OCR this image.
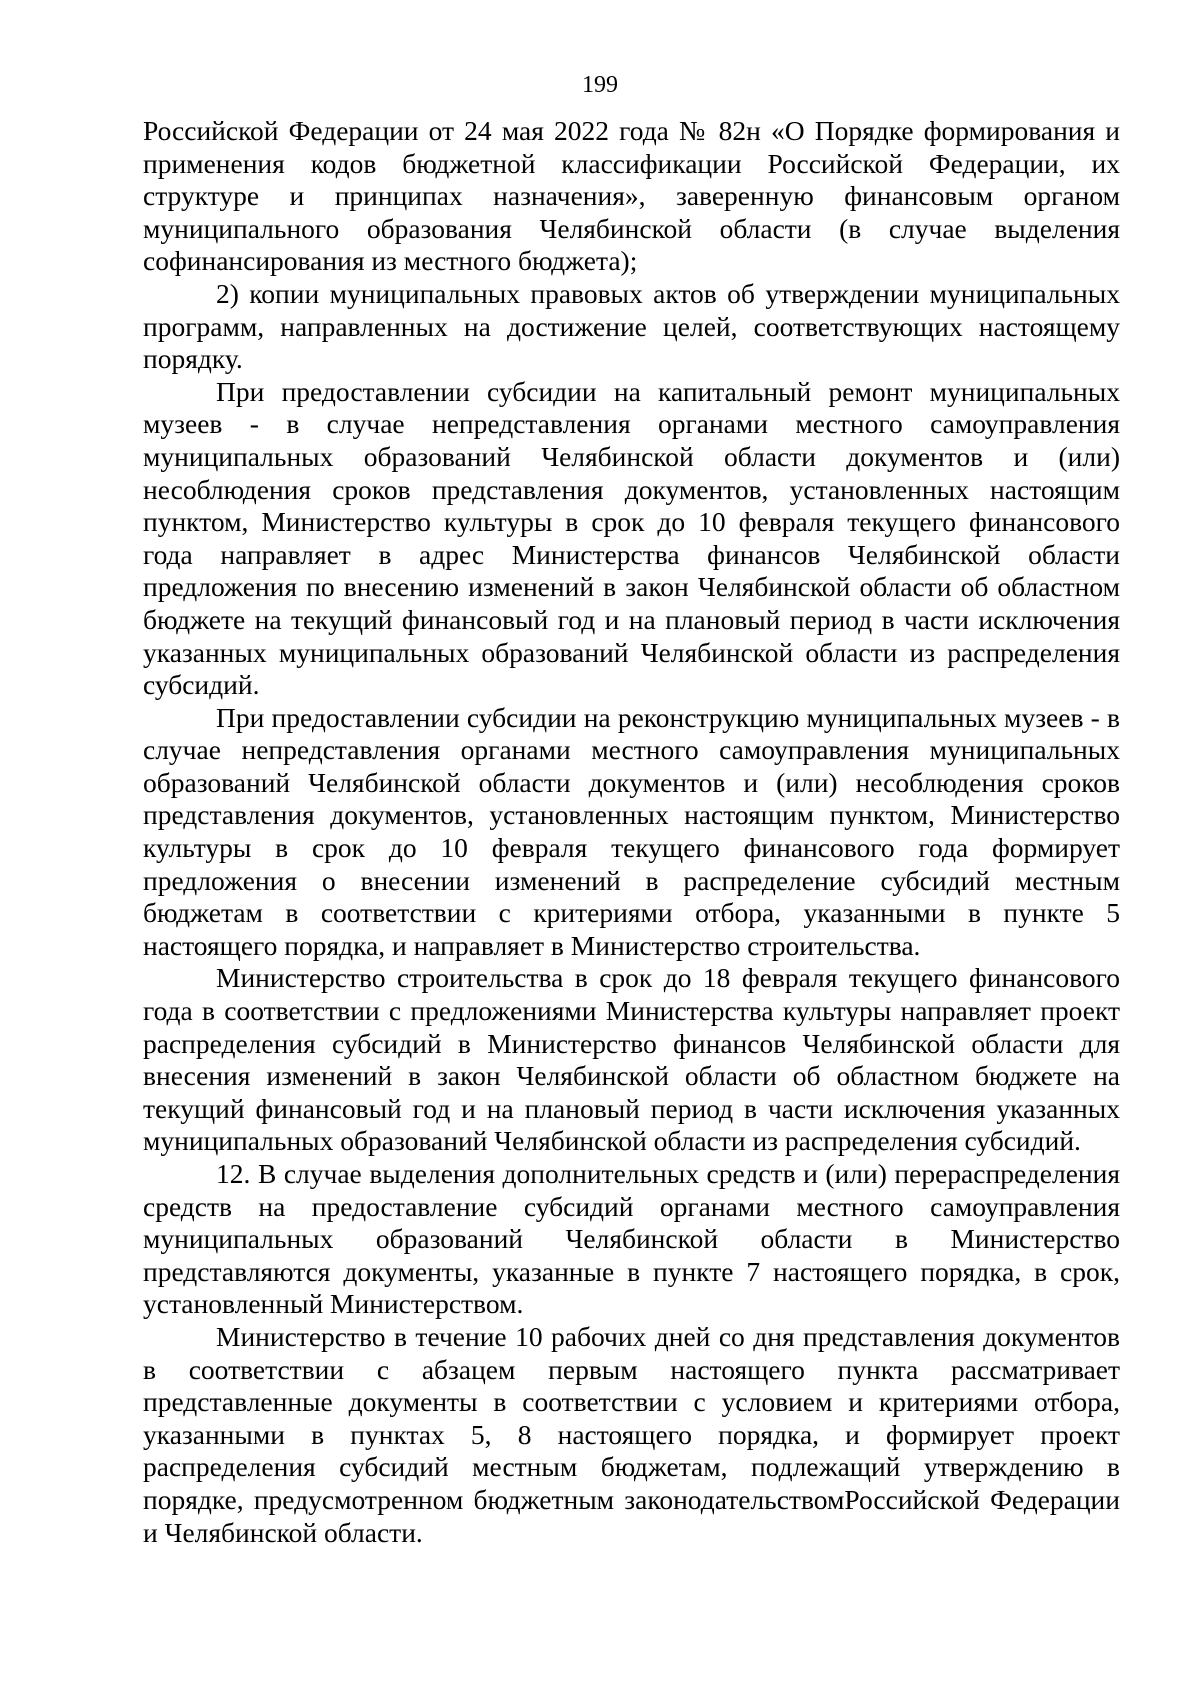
199

Российской Федерации от 24 мая 2022 года № 82н «О Порядке формирования и применения кодов бюджетной классификации Российской Федерации, их структуре и принципах назначения», заверенную финансовым органом муниципального образования Челябинской области (в случае выделения софинансирования из местного бюджета);

2) копии муниципальных правовых актов об утверждении муниципальных программ, направленных на достижение целей, соответствующих настоящему порядку.

При предоставлении субсидии на капитальный ремонт муниципальных музеев - в случае непредставления органами местного самоуправления муниципальных образований Челябинской области документов и (или) несоблюдения сроков представления документов, установленных настоящим пунктом, Министерство культуры в срок до 10 февраля текущего финансового года направляет в адрес Министерства финансов Челябинской области предложения по внесению изменений в закон Челябинской области об областном бюджете на текущий финансовый год и на плановый период в части исключения указанных муниципальных образований Челябинской области из распределения субсидий.

При предоставлении субсидии на реконструкцию муниципальных музеев - в случае непредставления органами местного самоуправления муниципальных образований Челябинской области документов и (или) несоблюдения сроков представления документов, установленных настоящим пунктом, Министерство культуры в срок до 10 февраля текущего финансового года формирует предложения о внесении изменений в распределение субсидий местным бюджетам в соответствии с критериями отбора, указанными в пункте 5 настоящего порядка, и направляет в Министерство строительства.

Министерство строительства в срок до 18 февраля текущего финансового года в соответствии с предложениями Министерства культуры направляет проект распределения субсидий в Министерство финансов Челябинской области для внесения изменений в закон Челябинской области об областном бюджете на текущий финансовый год и на плановый период в части исключения указанных муниципальных образований Челябинской области из распределения субсидий.

12. В случае выделения дополнительных средств и (или) перераспределения средств на предоставление субсидий органами местного самоуправления муниципальных образований Челябинской области в Министерство представляются документы, указанные в пункте 7 настоящего порядка, в срок, установленный Министерством.

Министерство в течение 10 рабочих дней со дня представления документов в соответствии с абзацем первым настоящего пункта рассматривает представленные документы в соответствии с условием и критериями отбора, указанными в пунктах 5, 8 настоящего порядка, и формирует проект распределения субсидий местным бюджетам, подлежащий утверждению в порядке, предусмотренном бюджетным законодательствомРоссийской Федерации и Челябинской области.
